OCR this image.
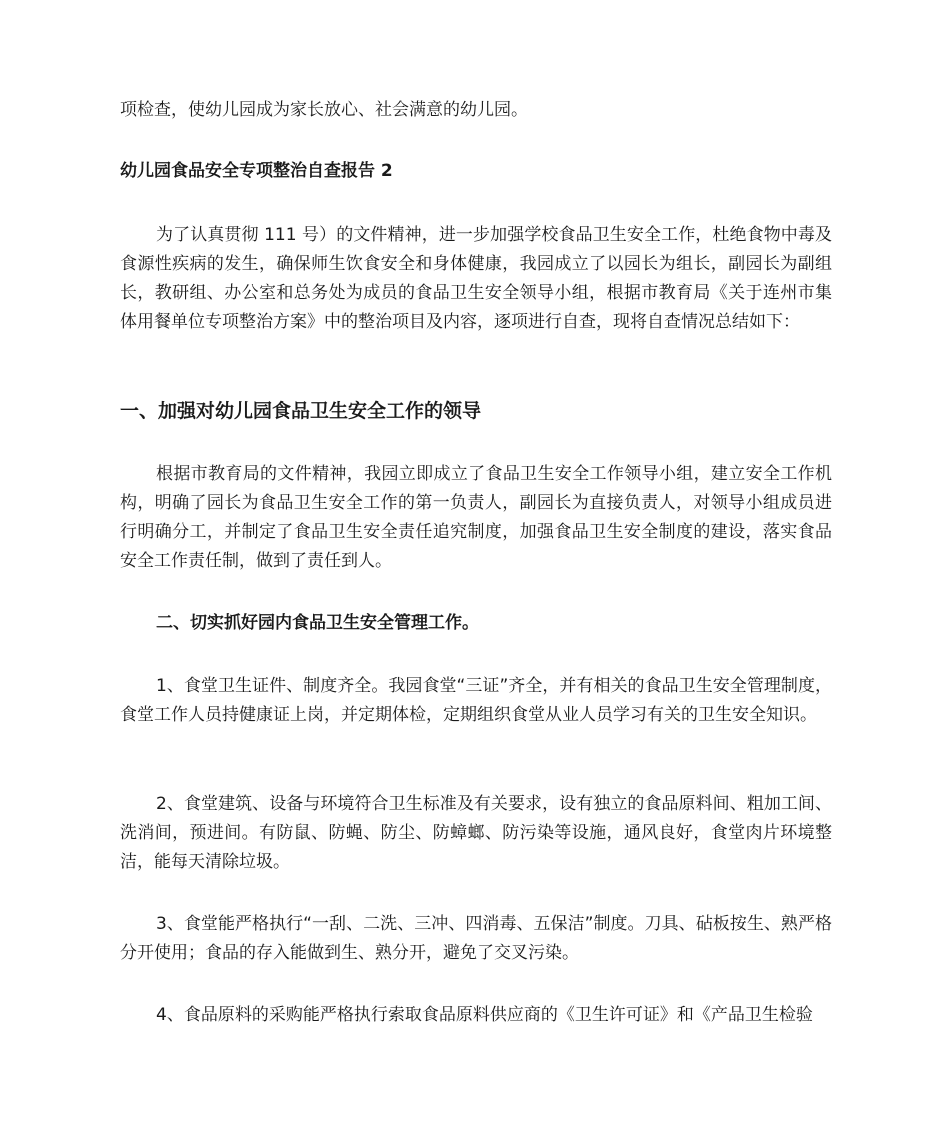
项检查，使幼儿园成为家长放心、社会满意的幼儿园。

幼儿园食品安全专项整治自查报告 2

为了认真贯彻 111 号）的文件精神，进一步加强学校食品卫生安全工作，杜绝食物中毒及食源性疾病的发生，确保师生饮食安全和身体健康，我园成立了以园长为组长，副园长为副组长，教研组、办公室和总务处为成员的食品卫生安全领导小组，根据市教育局《关于连州市集体用餐单位专项整治方案》中的整治项目及内容，逐项进行自查，现将自查情况总结如下：

一、加强对幼儿园食品卫生安全工作的领导

根据市教育局的文件精神，我园立即成立了食品卫生安全工作领导小组，建立安全工作机构，明确了园长为食品卫生安全工作的第一负责人，副园长为直接负责人，对领导小组成员进行明确分工，并制定了食品卫生安全责任追究制度，加强食品卫生安全制度的建设，落实食品安全工作责任制，做到了责任到人。

二、切实抓好园内食品卫生安全管理工作。

1、食堂卫生证件、制度齐全。我园食堂“三证”齐全，并有相关的食品卫生安全管理制度，食堂工作人员持健康证上岗，并定期体检，定期组织食堂从业人员学习有关的卫生安全知识。

2、食堂建筑、设备与环境符合卫生标准及有关要求，设有独立的食品原料间、粗加工间、洗消间，预进间。有防鼠、防蝇、防尘、防蟑螂、防污染等设施，通风良好，食堂肉片环境整洁，能每天清除垃圾。

3、食堂能严格执行“一刮、二洗、三冲、四消毒、五保洁”制度。刀具、砧板按生、熟严格分开使用；食品的存入能做到生、熟分开，避免了交叉污染。

4、食品原料的采购能严格执行索取食品原料供应商的《卫生许可证》和《产品卫生检验
